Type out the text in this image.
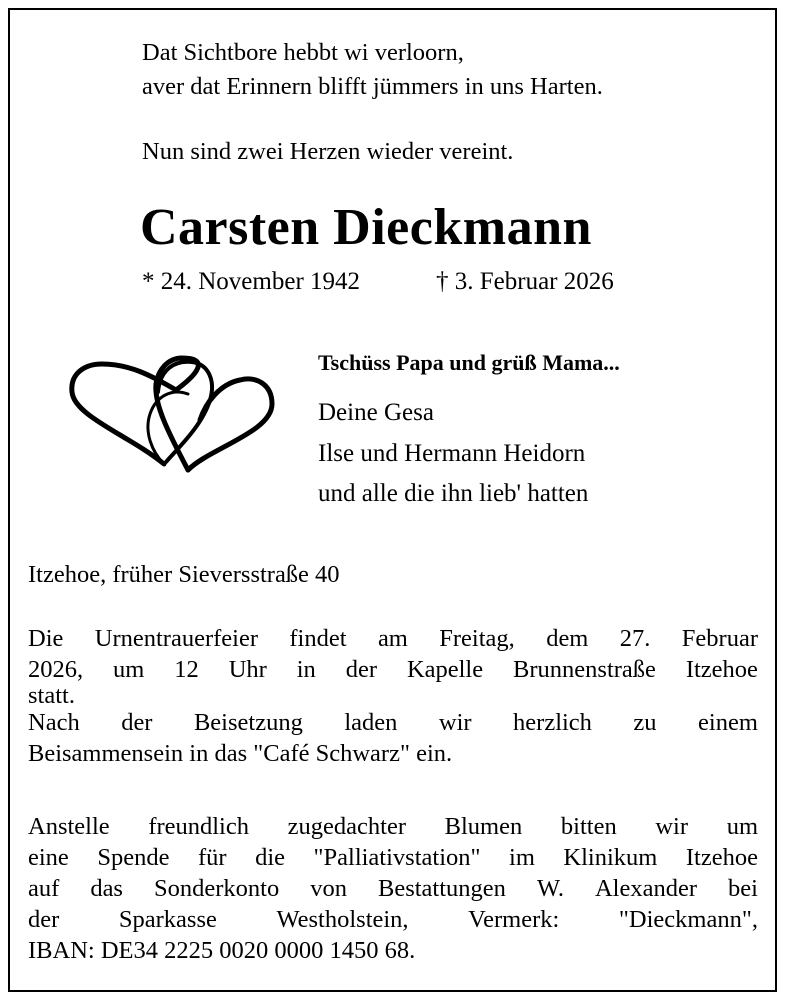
Dat Sichtbore hebbt wi verloorn,
aver dat Erinnern blifft jümmers in uns Harten.
Nun sind zwei Herzen wieder vereint.
Carsten Dieckmann
* 24. November 1942	† 3. Februar 2026
Tschüss Papa und grüß Mama...
Deine Gesa
Ilse und Hermann Heidorn
und alle die ihn lieb' hatten
Itzehoe, früher Sieversstraße 40
Die Urnentrauerfeier findet am Freitag, dem 27. Februar
2026, um 12 Uhr in der Kapelle Brunnenstraße Itzehoe
statt.
Nach der Beisetzung laden wir herzlich zu einem
Beisammensein in das "Café Schwarz" ein.
Anstelle freundlich zugedachter Blumen bitten wir um
eine Spende für die "Palliativstation" im Klinikum Itzehoe
auf das Sonderkonto von Bestattungen W. Alexander bei
der Sparkasse Westholstein, Vermerk: "Dieckmann",
IBAN: DE34 2225 0020 0000 1450 68.
